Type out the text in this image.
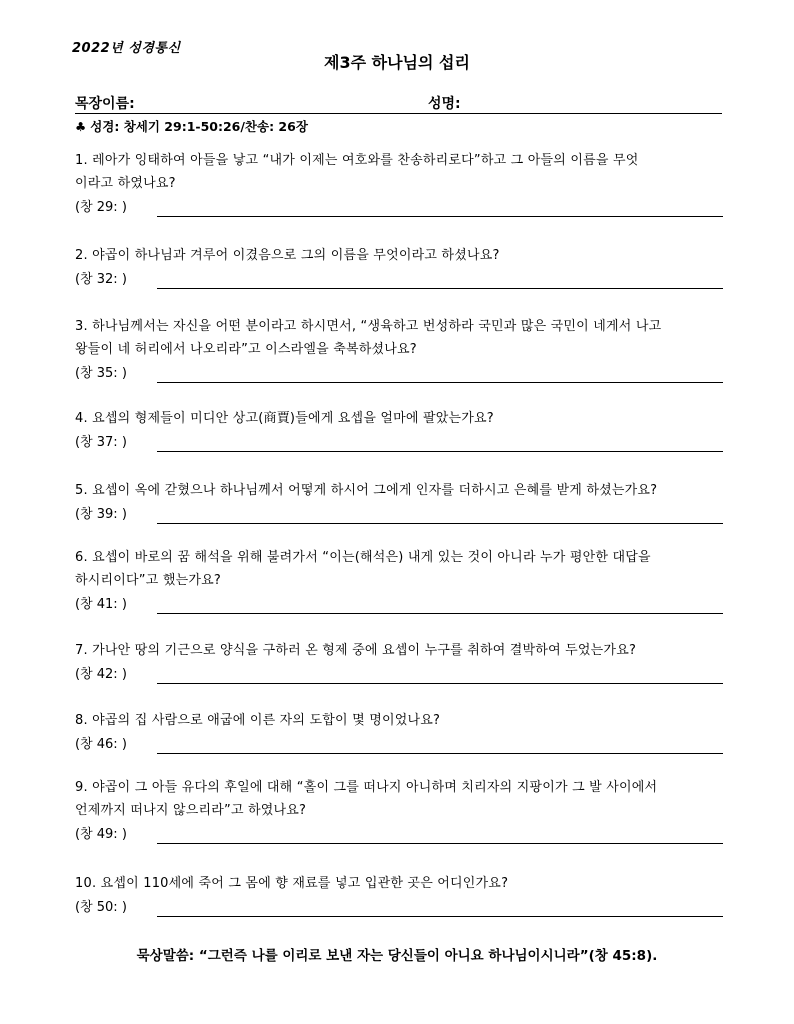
2022년 성경통신
제3주 하나님의 섭리
목장이름:	성명:
♣ 성경: 창세기 29:1-50:26/찬송: 26장
1. 레아가 잉태하여 아들을 낳고 “내가 이제는 여호와를 찬송하리로다”하고 그 아들의 이름을 무엇
이라고 하였나요?
(창 29: )
2. 야곱이 하나님과 겨루어 이겼음으로 그의 이름을 무엇이라고 하셨나요?
(창 32: )
3. 하나님께서는 자신을 어떤 분이라고 하시면서, “생육하고 번성하라 국민과 많은 국민이 네게서 나고
왕들이 네 허리에서 나오리라”고 이스라엘을 축복하셨나요?
(창 35: )
4. 요셉의 형제들이 미디안 상고(商賈)들에게 요셉을 얼마에 팔았는가요?
(창 37: )
5. 요셉이 옥에 갇혔으나 하나님께서 어떻게 하시어 그에게 인자를 더하시고 은혜를 받게 하셨는가요?
(창 39: )
6. 요셉이 바로의 꿈 해석을 위해 불려가서 “이는(해석은) 내게 있는 것이 아니라 누가 평안한 대답을
하시리이다”고 했는가요?
(창 41: )
7. 가나안 땅의 기근으로 양식을 구하러 온 형제 중에 요셉이 누구를 취하여 결박하여 두었는가요?
(창 42: )
8. 야곱의 집 사람으로 애굽에 이른 자의 도합이 몇 명이었나요?
(창 46: )
9. 야곱이 그 아들 유다의 후일에 대해 “홀이 그를 떠나지 아니하며 치리자의 지팡이가 그 발 사이에서
언제까지 떠나지 않으리라”고 하였나요?
(창 49: )
10. 요셉이 110세에 죽어 그 몸에 향 재료를 넣고 입관한 곳은 어디인가요?
(창 50: )
묵상말씀: “그런즉 나를 이리로 보낸 자는 당신들이 아니요 하나님이시니라”(창 45:8).
